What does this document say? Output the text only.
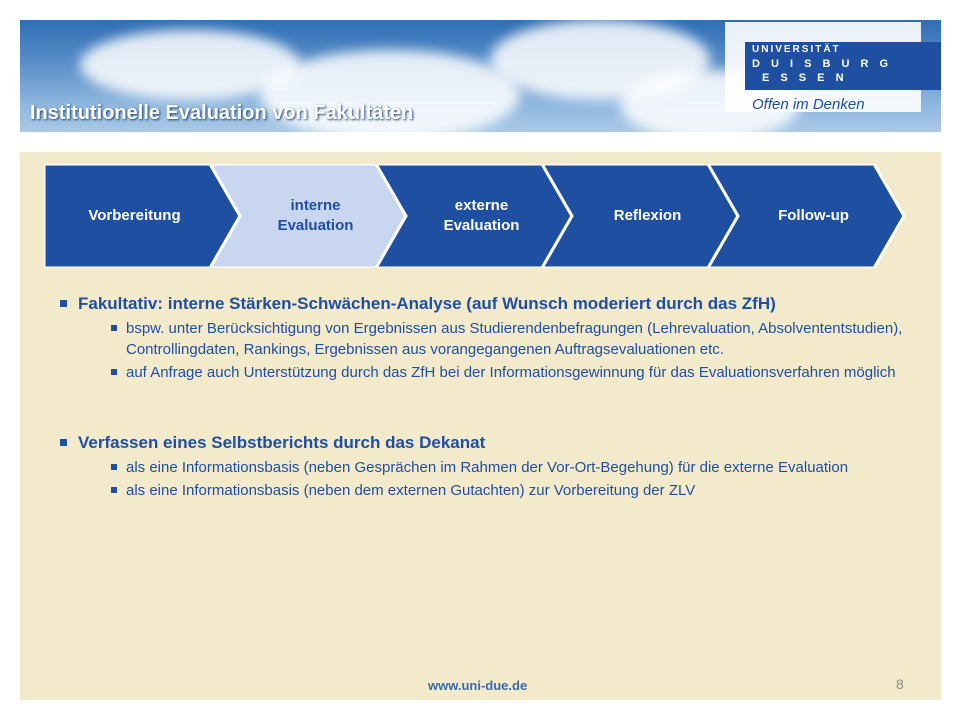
Institutionelle Evaluation von Fakultäten
UNIVERSITÄT
D U I S B U R G
E S S E N
Offen im Denken
Vorbereitung
interne
Evaluation
externe
Evaluation
Reflexion	Follow-up
Fakultativ: interne Stärken-Schwächen-Analyse (auf Wunsch moderiert durch das ZfH)
bspw. unter Berücksichtigung von Ergebnissen aus Studierendenbefragungen (Lehrevaluation, Absolvententstudien), Controllingdaten, Rankings, Ergebnissen aus vorangegangenen Auftragsevaluationen etc.
auf Anfrage auch Unterstützung durch das ZfH bei der Informationsgewinnung für das Evaluationsverfahren möglich
Verfassen eines Selbstberichts durch das Dekanat
als eine Informationsbasis (neben Gesprächen im Rahmen der Vor-Ort-Begehung) für die externe Evaluation
als eine Informationsbasis (neben dem externen Gutachten) zur Vorbereitung der ZLV
www.uni-due.de	8
